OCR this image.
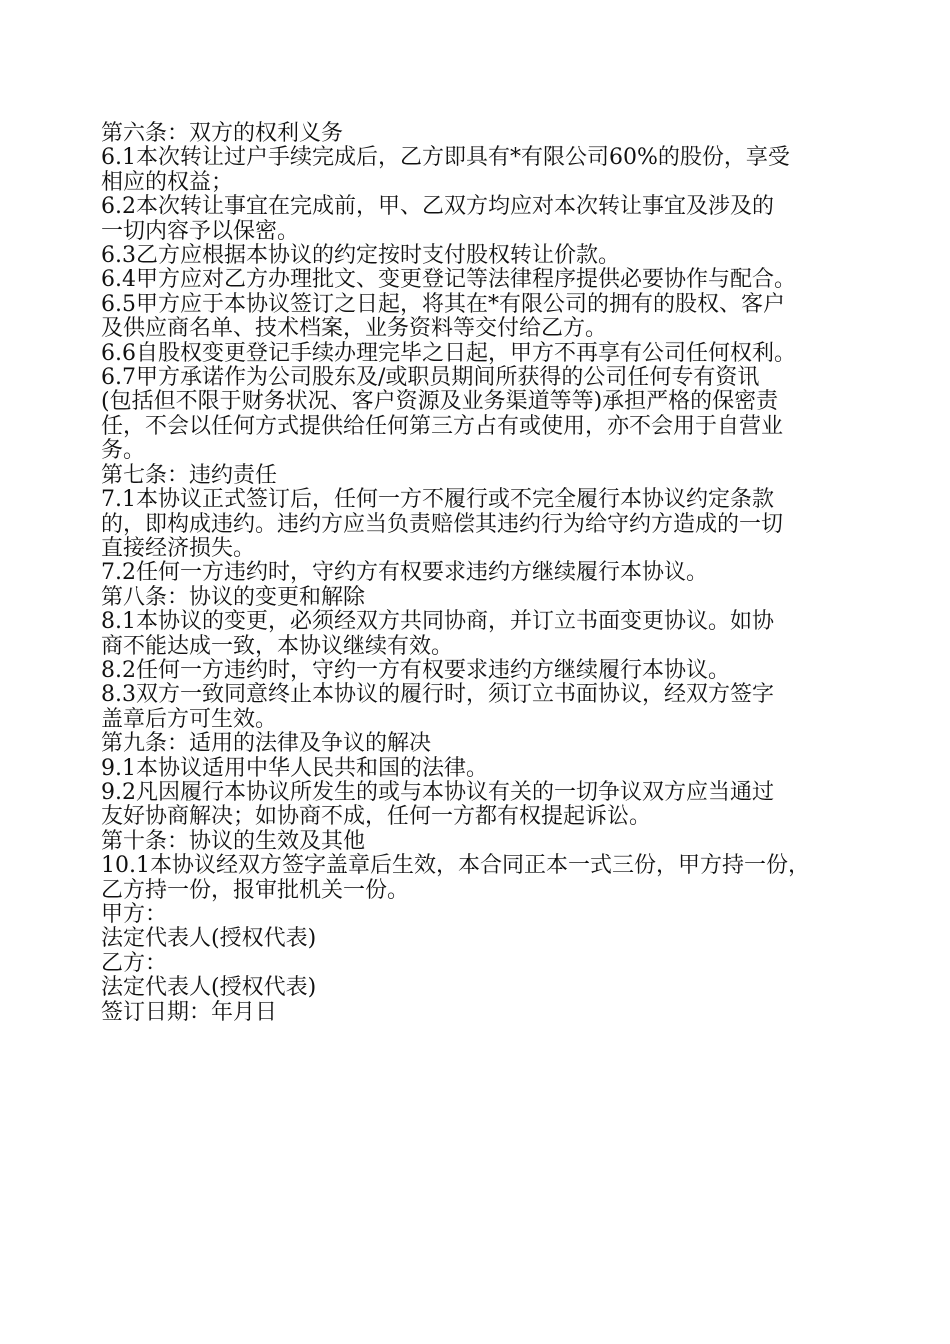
第六条：双方的权利义务
6.1本次转让过户手续完成后，乙方即具有*有限公司60%的股份，享受
相应的权益；
6.2本次转让事宜在完成前，甲、乙双方均应对本次转让事宜及涉及的
一切内容予以保密。
6.3乙方应根据本协议的约定按时支付股权转让价款。
6.4甲方应对乙方办理批文、变更登记等法律程序提供必要协作与配合。
6.5甲方应于本协议签订之日起，将其在*有限公司的拥有的股权、客户
及供应商名单、技术档案，业务资料等交付给乙方。
6.6自股权变更登记手续办理完毕之日起，甲方不再享有公司任何权利。
6.7甲方承诺作为公司股东及/或职员期间所获得的公司任何专有资讯
(包括但不限于财务状况、客户资源及业务渠道等等)承担严格的保密责
任，不会以任何方式提供给任何第三方占有或使用，亦不会用于自营业
务。
第七条：违约责任
7.1本协议正式签订后，任何一方不履行或不完全履行本协议约定条款
的，即构成违约。违约方应当负责赔偿其违约行为给守约方造成的一切
直接经济损失。
7.2任何一方违约时，守约方有权要求违约方继续履行本协议。
第八条：协议的变更和解除
8.1本协议的变更，必须经双方共同协商，并订立书面变更协议。如协
商不能达成一致，本协议继续有效。
8.2任何一方违约时，守约一方有权要求违约方继续履行本协议。
8.3双方一致同意终止本协议的履行时，须订立书面协议，经双方签字
盖章后方可生效。
第九条：适用的法律及争议的解决
9.1本协议适用中华人民共和国的法律。
9.2凡因履行本协议所发生的或与本协议有关的一切争议双方应当通过
友好协商解决；如协商不成，任何一方都有权提起诉讼。
第十条：协议的生效及其他
10.1本协议经双方签字盖章后生效，本合同正本一式三份，甲方持一份，
乙方持一份，报审批机关一份。
甲方：
法定代表人(授权代表)
乙方：
法定代表人(授权代表)
签订日期：年月日
